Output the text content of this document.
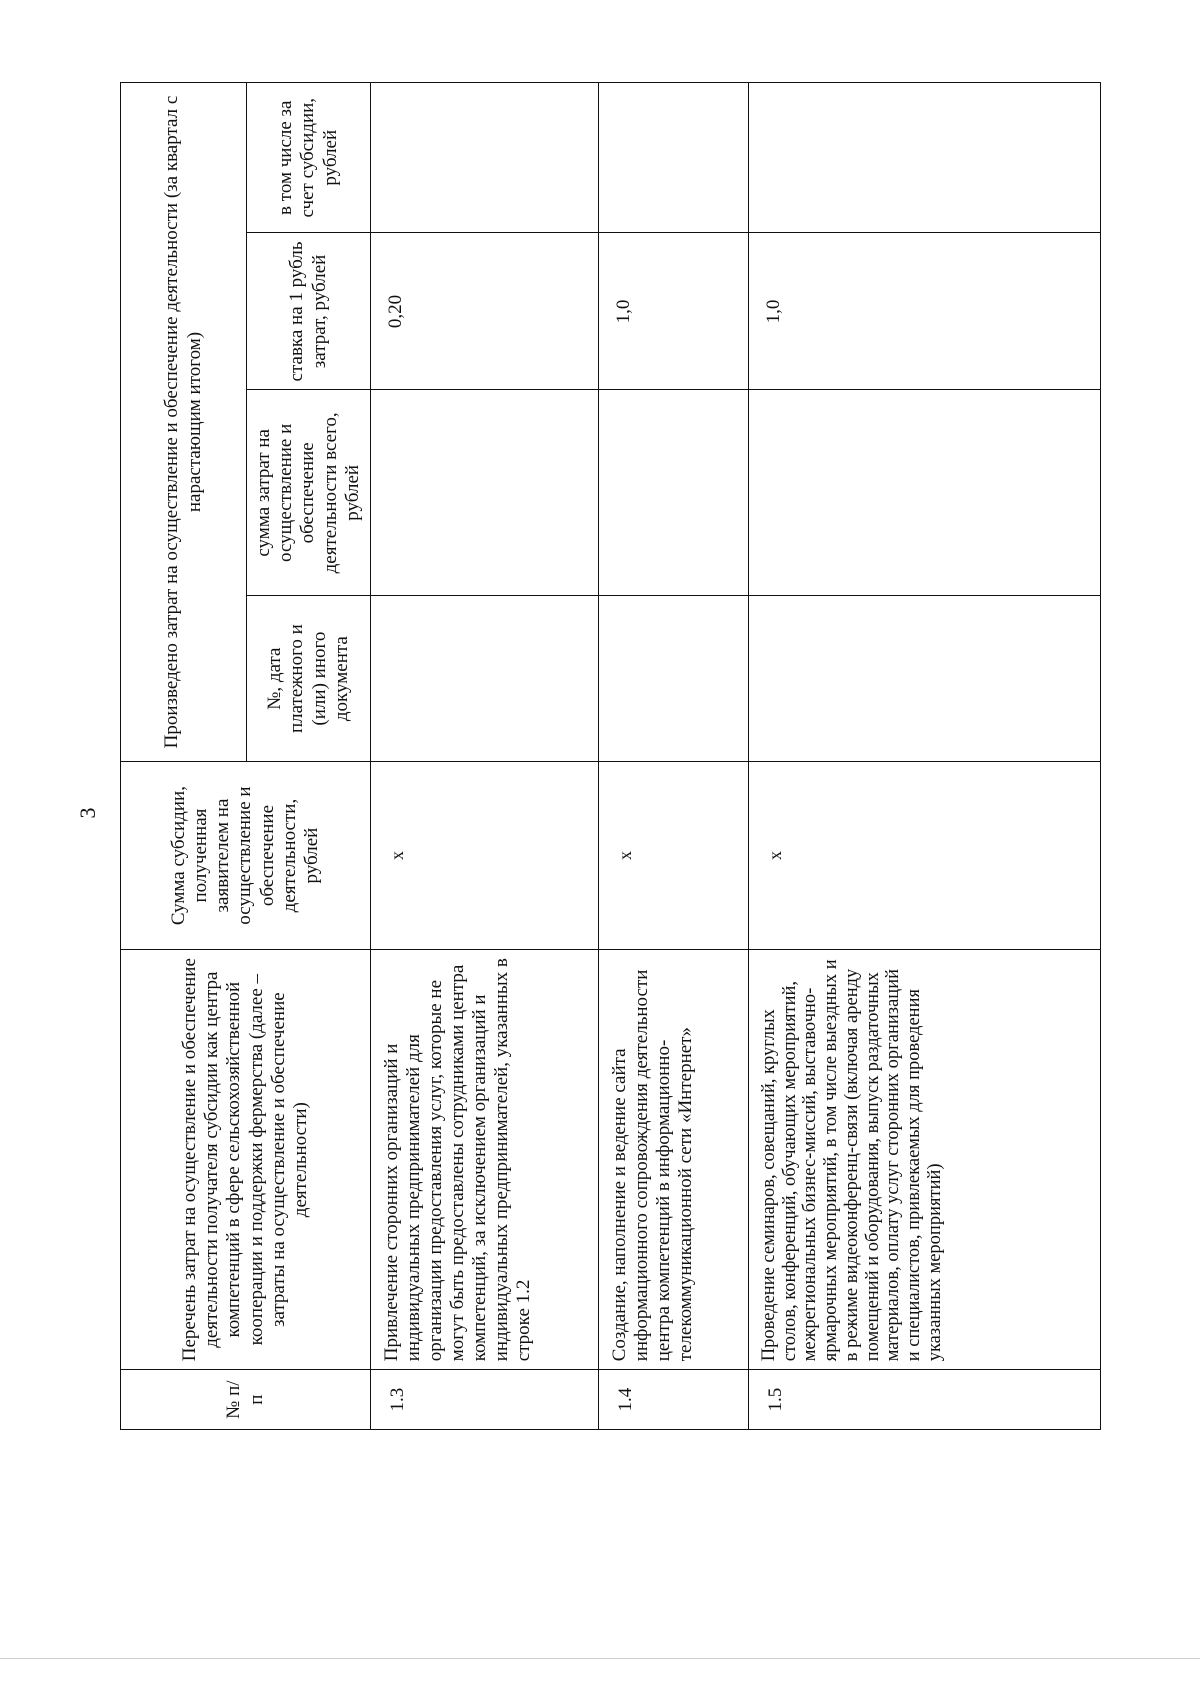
3
№ п/п	Перечень затрат на осуществление и обеспечение деятельности получателя субсидии как центра компетенций в сфере сельскохозяйственной кооперации и поддержки фермерства (далее – затраты на осуществление и обеспечение деятельности)	Сумма субсидии, полученная заявителем на осуществление и обеспечение деятельности, рублей	Произведено затрат на осуществление и обеспечение деятельности (за квартал с нарастающим итогом)			
			№, дата платежного и (или) иного документа	сумма затрат на осуществление и обеспечение деятельности всего, рублей	ставка на 1 рубль затрат, рублей	в том числе за счет субсидии, рублей
1.3	Привлечение сторонних организаций и индивидуальных предпринимателей для организации предоставления услуг, которые не могут быть предоставлены сотрудниками центра компетенций, за исключением организаций и индивидуальных предпринимателей, указанных в строке 1.2	х			0,20	
1.4	Создание, наполнение и ведение сайта информационного сопровождения деятельности центра компетенций в информационно-телекоммуникационной сети «Интернет»	х			1,0	
1.5	Проведение семинаров, совещаний, круглых столов, конференций, обучающих мероприятий, межрегиональных бизнес-миссий, выставочно-ярмарочных мероприятий, в том числе выездных и в режиме видеоконференц-связи (включая аренду помещений и оборудования, выпуск раздаточных материалов, оплату услуг сторонних организаций и специалистов, привлекаемых для проведения указанных мероприятий)	х			1,0	
